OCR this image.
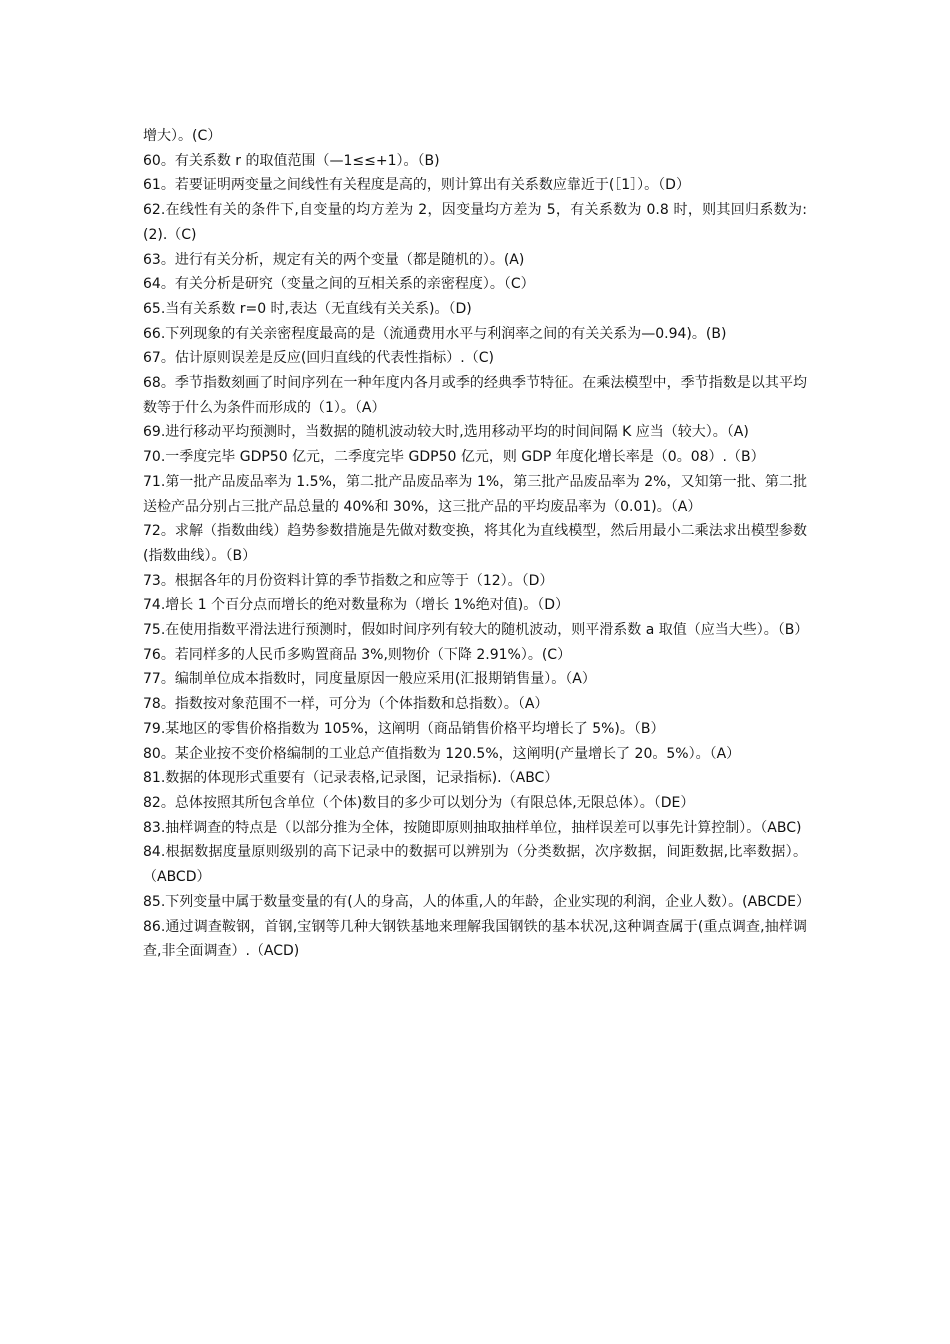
增大）。(C）

60。有关系数 r 的取值范围（—1≤≤+1）。（B)

61。若要证明两变量之间线性有关程度是高的，则计算出有关系数应靠近于(［1］）。（D）

62.在线性有关的条件下,自变量的均方差为 2，因变量均方差为 5，有关系数为 0.8 时，则其回归系数为:(2).（C)

63。进行有关分析，规定有关的两个变量（都是随机的）。(A)

64。有关分析是研究（变量之间的互相关系的亲密程度）。（C）

65.当有关系数 r=0 时,表达（无直线有关关系)。（D)

66.下列现象的有关亲密程度最高的是（流通费用水平与利润率之间的有关关系为—0.94)。(B)

67。估计原则误差是反应(回归直线的代表性指标）.（C)

68。季节指数刻画了时间序列在一种年度内各月或季的经典季节特征。在乘法模型中，季节指数是以其平均数等于什么为条件而形成的（1）。（A）

69.进行移动平均预测时，当数据的随机波动较大时,选用移动平均的时间间隔 K 应当（较大）。（A)

70.一季度完毕 GDP50 亿元，二季度完毕 GDP50 亿元，则 GDP 年度化增长率是（0。08）.（B）

71.第一批产品废品率为 1.5%，第二批产品废品率为 1%，第三批产品废品率为 2%，又知第一批、第二批送检产品分别占三批产品总量的 40%和 30%，这三批产品的平均废品率为（0.01)。（A）

72。求解（指数曲线）趋势参数措施是先做对数变换，将其化为直线模型，然后用最小二乘法求出模型参数(指数曲线）。（B）

73。根据各年的月份资料计算的季节指数之和应等于（12）。（D）

74.增长 1 个百分点而增长的绝对数量称为（增长 1%绝对值)。（D）

75.在使用指数平滑法进行预测时，假如时间序列有较大的随机波动，则平滑系数 a 取值（应当大些）。（B）

76。若同样多的人民币多购置商品 3%,则物价（下降 2.91%）。(C）

77。编制单位成本指数时，同度量原因一般应采用(汇报期销售量）。（A）

78。指数按对象范围不一样，可分为（个体指数和总指数）。（A）

79.某地区的零售价格指数为 105%，这阐明（商品销售价格平均增长了 5%)。（B）

80。某企业按不变价格编制的工业总产值指数为 120.5%，这阐明(产量增长了 20。5%）。（A）

81.数据的体现形式重要有（记录表格,记录图，记录指标).（ABC）

82。总体按照其所包含单位（个体)数目的多少可以划分为（有限总体,无限总体）。（DE）

83.抽样调查的特点是（以部分推为全体，按随即原则抽取抽样单位，抽样误差可以事先计算控制）。（ABC)

84.根据数据度量原则级别的高下记录中的数据可以辨别为（分类数据，次序数据，间距数据,比率数据）。（ABCD）

85.下列变量中属于数量变量的有(人的身高，人的体重,人的年龄，企业实现的利润，企业人数）。(ABCDE）

86.通过调查鞍钢，首钢,宝钢等几种大钢铁基地来理解我国钢铁的基本状况,这种调查属于(重点调查,抽样调查,非全面调查）.（ACD)
